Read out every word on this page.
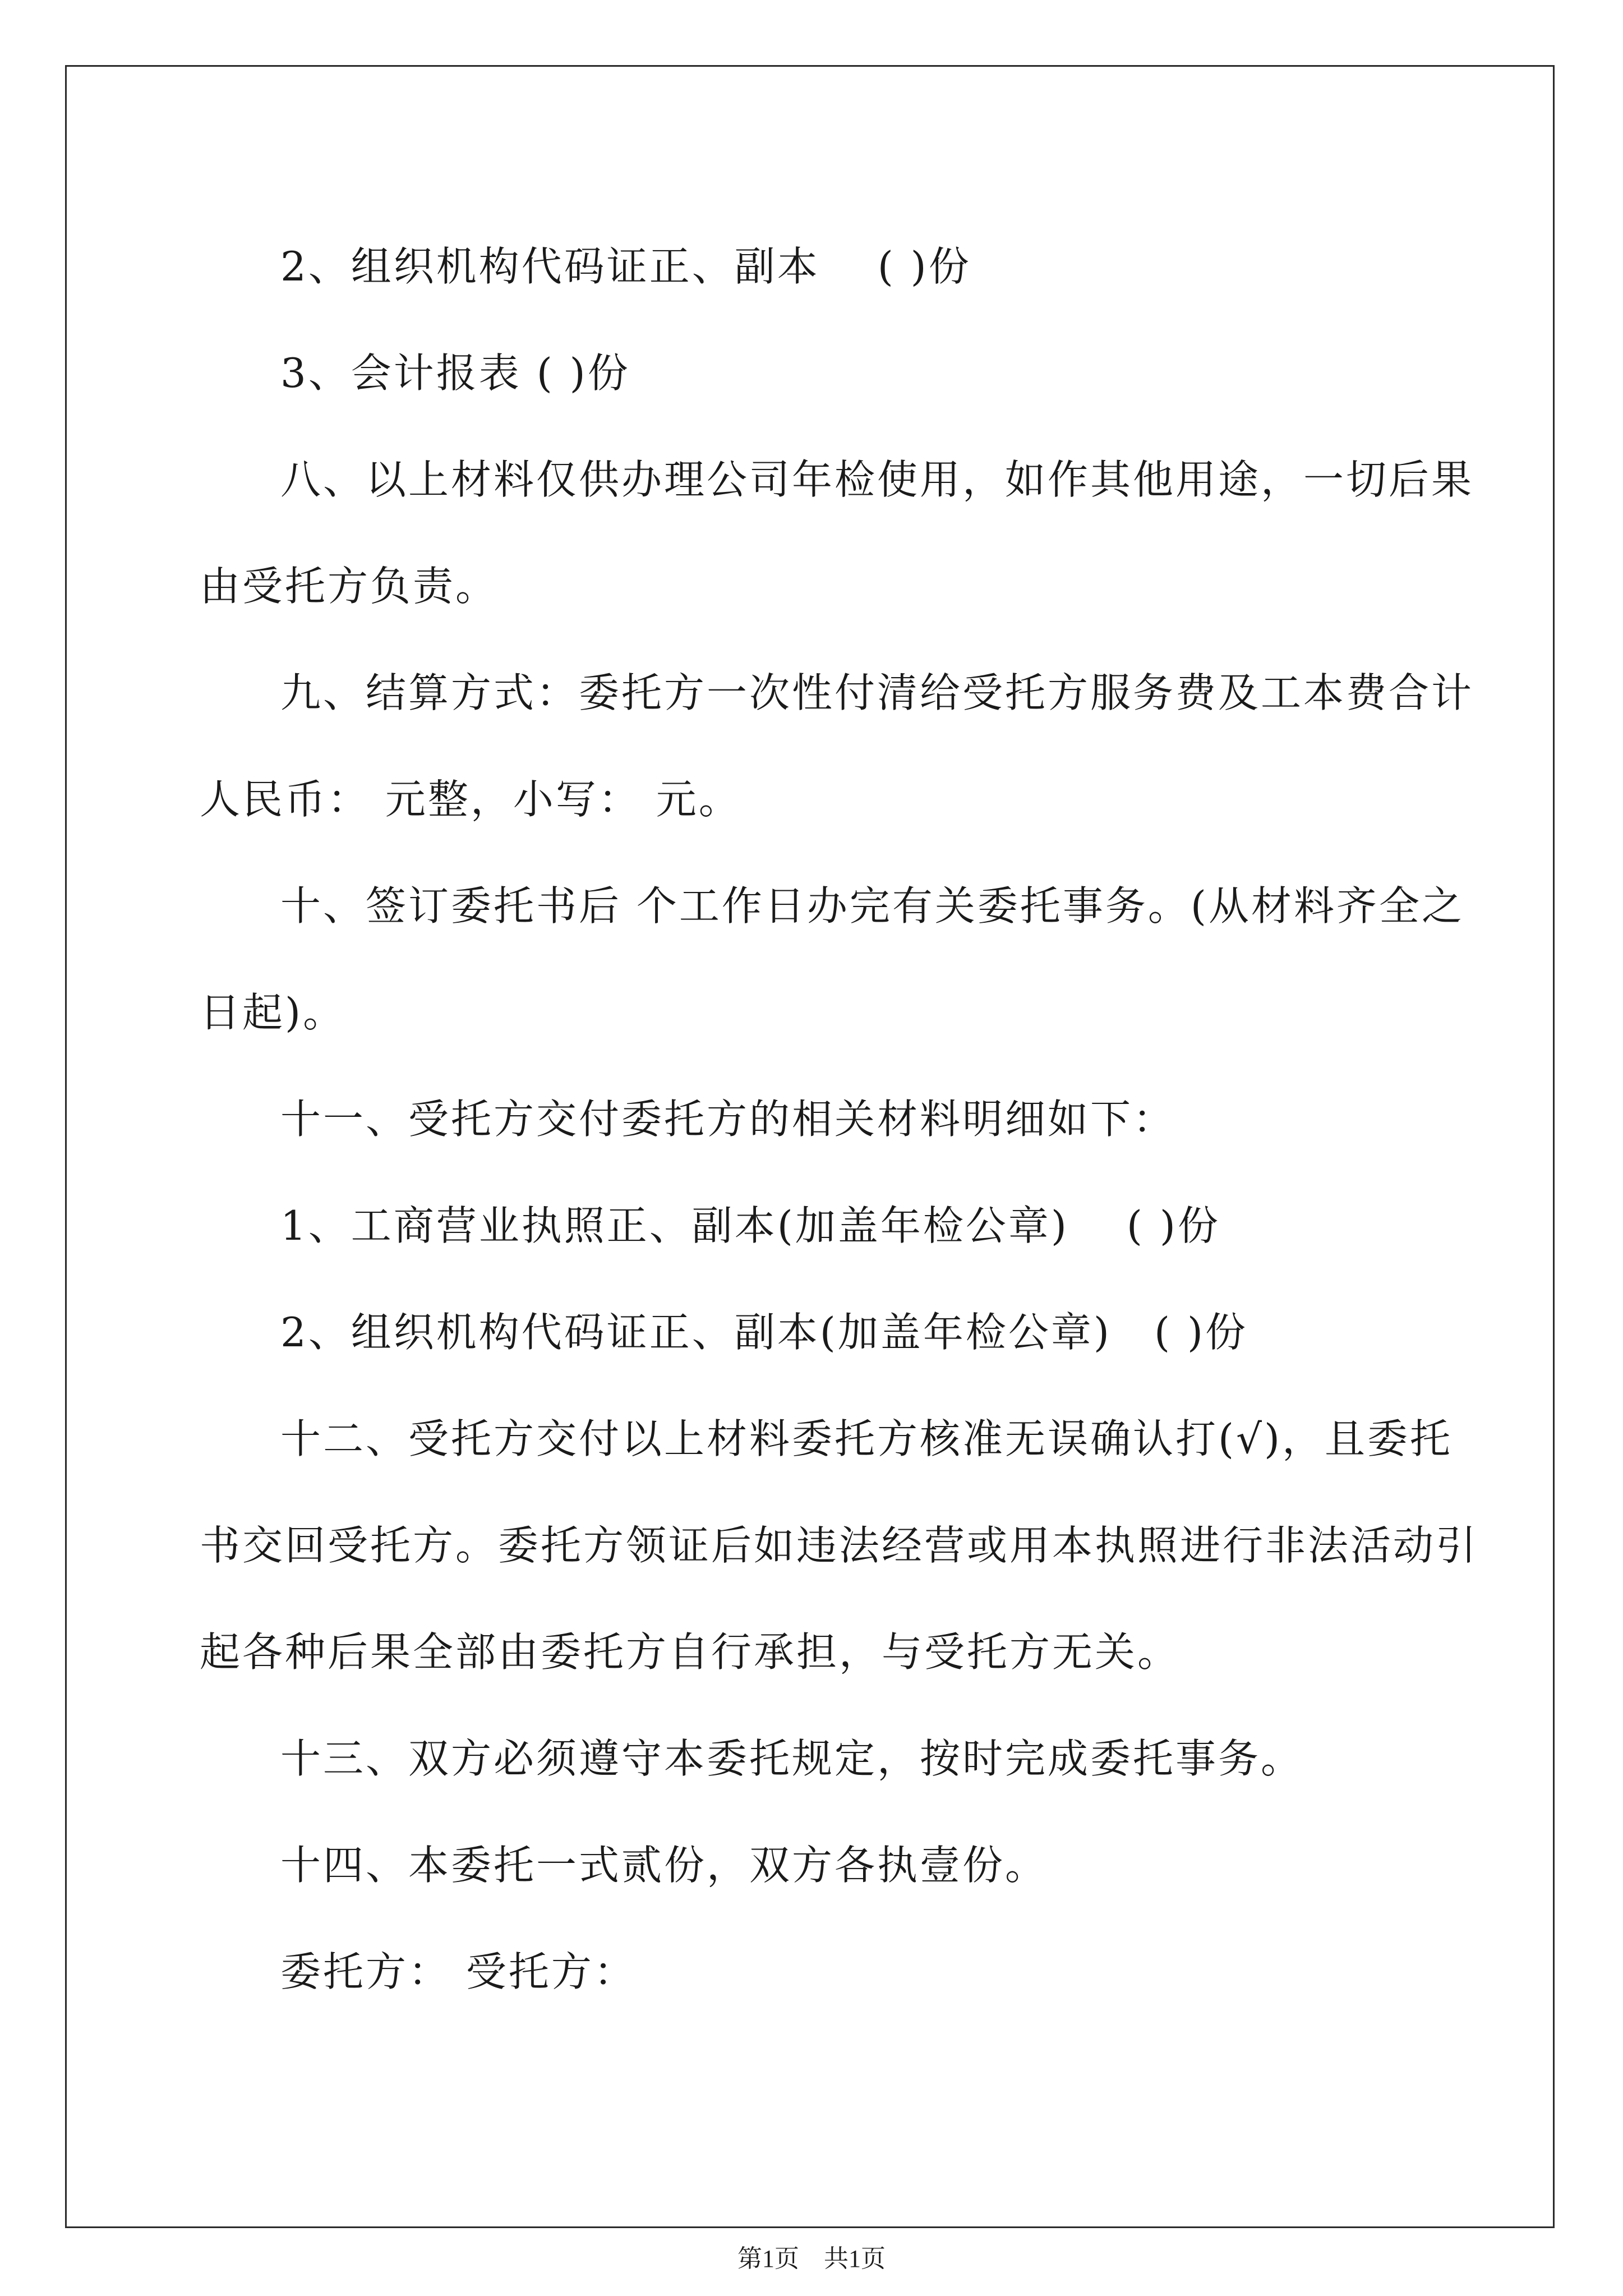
2、组织机构代码证正、副本　 ( )份

3、会计报表 ( )份

八、以上材料仅供办理公司年检使用，如作其他用途，一切后果

由受托方负责。

九、结算方式：委托方一次性付清给受托方服务费及工本费合计

人民币： 元整，小写： 元。

十、签订委托书后 个工作日办完有关委托事务。(从材料齐全之

日起)。

十一、受托方交付委托方的相关材料明细如下：

1、工商营业执照正、副本(加盖年检公章)　 ( )份

2、组织机构代码证正、副本(加盖年检公章)　( )份

十二、受托方交付以上材料委托方核准无误确认打(√)，且委托

书交回受托方。委托方领证后如违法经营或用本执照进行非法活动引

起各种后果全部由委托方自行承担，与受托方无关。

十三、双方必须遵守本委托规定，按时完成委托事务。

十四、本委托一式贰份，双方各执壹份。

委托方： 受托方：

第1页　共1页
